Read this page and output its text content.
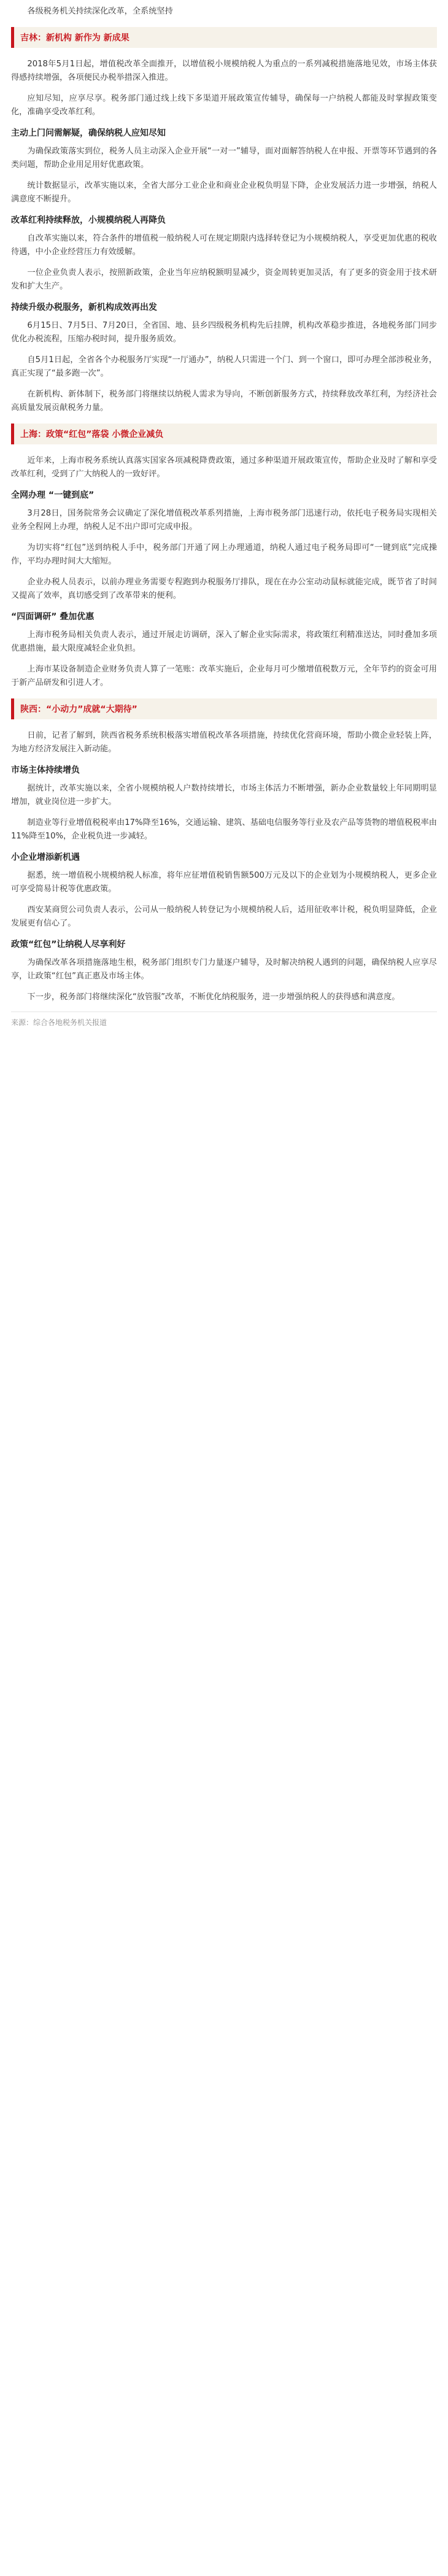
各级税务机关持续深化改革，全系统坚持

吉林：新机构 新作为 新成果

2018年5月1日起，增值税改革全面推开，以增值税小规模纳税人为重点的一系列减税措施落地见效，市场主体获得感持续增强，各项便民办税举措深入推进。

应知尽知，应享尽享。税务部门通过线上线下多渠道开展政策宣传辅导，确保每一户纳税人都能及时掌握政策变化，准确享受改革红利。

主动上门问需解疑，确保纳税人应知尽知

为确保政策落实到位，税务人员主动深入企业开展“一对一”辅导，面对面解答纳税人在申报、开票等环节遇到的各类问题，帮助企业用足用好优惠政策。

统计数据显示，改革实施以来，全省大部分工业企业和商业企业税负明显下降，企业发展活力进一步增强，纳税人满意度不断提升。

改革红利持续释放，小规模纳税人再降负

自改革实施以来，符合条件的增值税一般纳税人可在规定期限内选择转登记为小规模纳税人，享受更加优惠的税收待遇，中小企业经营压力有效缓解。

一位企业负责人表示，按照新政策，企业当年应纳税额明显减少，资金周转更加灵活，有了更多的资金用于技术研发和扩大生产。

持续升级办税服务，新机构成效再出发

6月15日、7月5日、7月20日，全省国、地、县乡四级税务机构先后挂牌，机构改革稳步推进，各地税务部门同步优化办税流程，压缩办税时间，提升服务质效。

自5月1日起，全省各个办税服务厅实现“一厅通办”，纳税人只需进一个门、到一个窗口，即可办理全部涉税业务，真正实现了“最多跑一次”。

在新机构、新体制下，税务部门将继续以纳税人需求为导向，不断创新服务方式，持续释放改革红利，为经济社会高质量发展贡献税务力量。

上海：政策“红包”落袋 小微企业减负

近年来，上海市税务系统认真落实国家各项减税降费政策，通过多种渠道开展政策宣传，帮助企业及时了解和享受改革红利，受到了广大纳税人的一致好评。

全网办理 “一键到底”

3月28日，国务院常务会议确定了深化增值税改革系列措施，上海市税务部门迅速行动，依托电子税务局实现相关业务全程网上办理，纳税人足不出户即可完成申报。

为切实将“红包”送到纳税人手中，税务部门开通了网上办理通道，纳税人通过电子税务局即可“一键到底”完成操作，平均办理时间大大缩短。

企业办税人员表示，以前办理业务需要专程跑到办税服务厅排队，现在在办公室动动鼠标就能完成，既节省了时间又提高了效率，真切感受到了改革带来的便利。

“四面调研” 叠加优惠

上海市税务局相关负责人表示，通过开展走访调研，深入了解企业实际需求，将政策红利精准送达，同时叠加多项优惠措施，最大限度减轻企业负担。

上海市某设备制造企业财务负责人算了一笔账：改革实施后，企业每月可少缴增值税数万元，全年节约的资金可用于新产品研发和引进人才。

陕西：“小动力”成就“大期待”

日前，记者了解到，陕西省税务系统积极落实增值税改革各项措施，持续优化营商环境，帮助小微企业轻装上阵，为地方经济发展注入新动能。

市场主体持续增负

据统计，改革实施以来，全省小规模纳税人户数持续增长，市场主体活力不断增强，新办企业数量较上年同期明显增加，就业岗位进一步扩大。

制造业等行业增值税税率由17%降至16%，交通运输、建筑、基础电信服务等行业及农产品等货物的增值税税率由11%降至10%，企业税负进一步减轻。

小企业增添新机遇

据悉，统一增值税小规模纳税人标准，将年应征增值税销售额500万元及以下的企业划为小规模纳税人，更多企业可享受简易计税等优惠政策。

西安某商贸公司负责人表示，公司从一般纳税人转登记为小规模纳税人后，适用征收率计税，税负明显降低，企业发展更有信心了。

政策“红包”让纳税人尽享利好

为确保改革各项措施落地生根，税务部门组织专门力量逐户辅导，及时解决纳税人遇到的问题，确保纳税人应享尽享，让政策“红包”真正惠及市场主体。

下一步，税务部门将继续深化“放管服”改革，不断优化纳税服务，进一步增强纳税人的获得感和满意度。

来源：综合各地税务机关报道
